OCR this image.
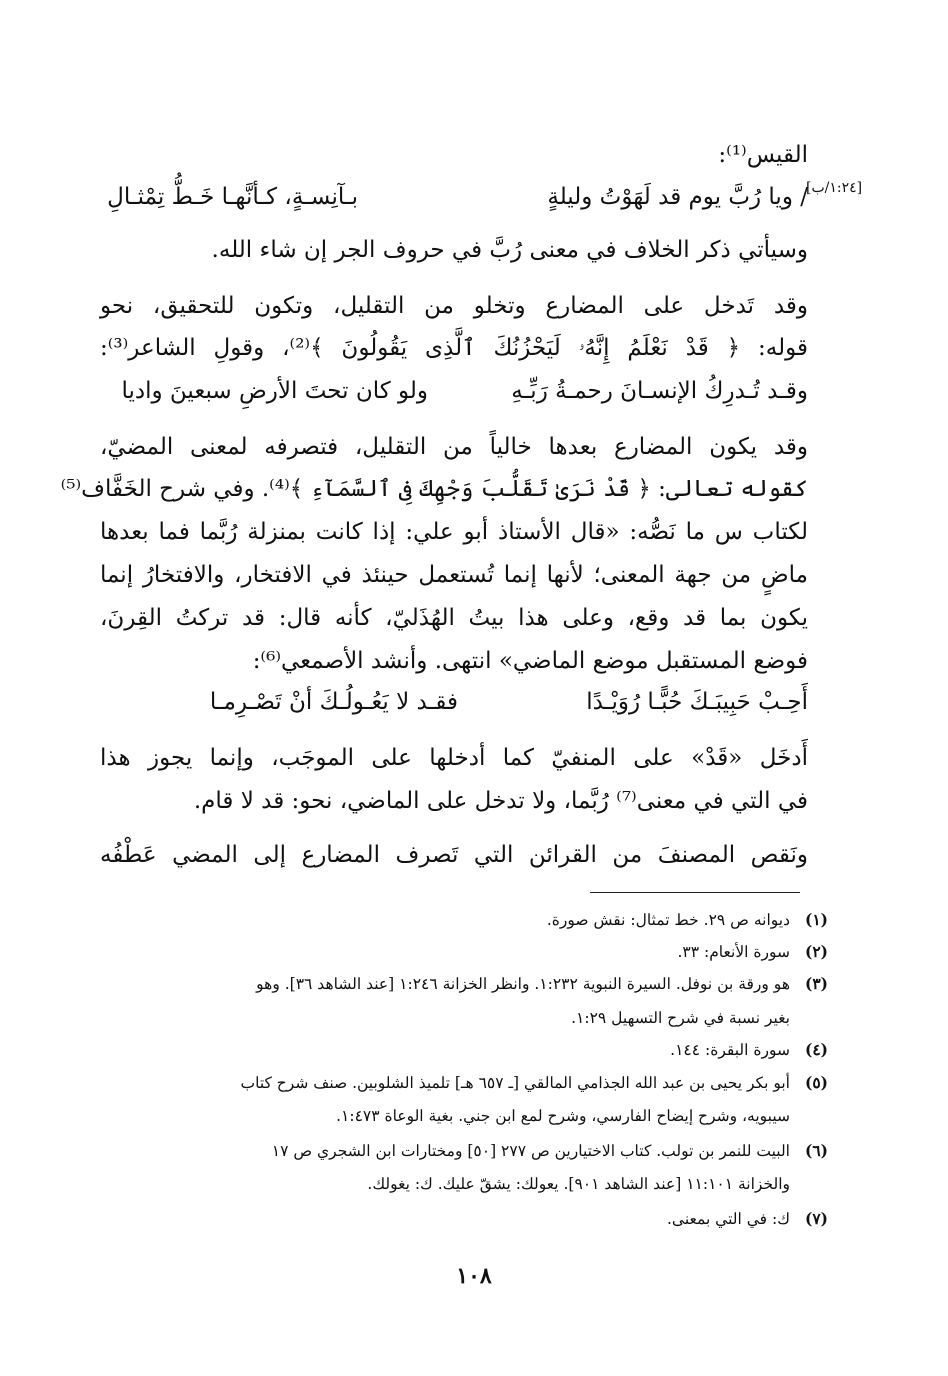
القيس⁽¹⁾:
/ ويا رُبَّ يوم قد لَهَوْتُ وليلةٍ
بـآنِسـةٍ، كـأنَّهـا خَـطُّ تِمْثـالِ
وسيأتي ذكر الخلاف في معنى رُبَّ في حروف الجر إن شاء الله.
وقد تَدخل على المضارع وتخلو من التقليل، وتكون للتحقيق، نحو
قوله: ﴿ قَدْ نَعْلَمُ إِنَّهُۥ لَيَحْزُنُكَ ٱلَّذِى يَقُولُونَ ﴾⁽²⁾، وقولِ الشاعر⁽³⁾:
وقـد تُـدرِكُ الإنسـانَ رحمـةُ رَبِّـهِ
ولو كان تحتَ الأرضِ سبعينَ واديا
وقد يكون المضارع بعدها خالياً من التقليل، فتصرفه لمعنى المضيّ،
كقوله تعالى: ﴿ قَدْ نَرَىٰ تَقَلُّبَ وَجْهِكَ فِى ٱلسَّمَآءِ ﴾⁽⁴⁾. وفي شرح الخَفَّاف⁽⁵⁾
لكتاب س ما نَصُّه: «قال الأستاذ أبو علي: إذا كانت بمنزلة رُبَّما فما بعدها
ماضٍ من جهة المعنى؛ لأنها إنما تُستعمل حينئذ في الافتخار، والافتخارُ إنما
يكون بما قد وقع، وعلى هذا بيتُ الهُذَليّ، كأنه قال: قد تركتُ القِرنَ،
فوضع المستقبل موضع الماضي» انتهى. وأنشد الأصمعي⁽⁶⁾:
أَحِـبْ حَبِيبَـكَ حُبًّـا رُوَيْـدًا
فقـد لا يَعُـولُـكَ أنْ تَصْـرِمـا
أَدخَل «قَدْ» على المنفيّ كما أدخلها على الموجَب، وإنما يجوز هذا
في التي في معنى⁽⁷⁾ رُبَّما، ولا تدخل على الماضي، نحو: قد لا قام.
ونَقص المصنفَ من القرائن التي تَصرف المضارع إلى المضي عَطْفُه
[١:٢٤/ب]
(١)
ديوانه ص ٢٩. خط تمثال: نقش صورة.
(٢)
سورة الأنعام: ٣٣.
(٣)
هو ورقة بن نوفل. السيرة النبوية ١:٢٣٢. وانظر الخزانة ١:٢٤٦ [عند الشاهد ٣٦]. وهو
بغير نسبة في شرح التسهيل ١:٢٩.
(٤)
سورة البقرة: ١٤٤.
(٥)
أبو بكر يحيى بن عبد الله الجذامي المالقي [ـ ٦٥٧ هـ] تلميذ الشلوبين. صنف شرح كتاب
سيبويه، وشرح إيضاح الفارسي، وشرح لمع ابن جني. بغية الوعاة ١:٤٧٣.
(٦)
البيت للنمر بن تولب. كتاب الاختيارين ص ٢٧٧ [٥٠] ومختارات ابن الشجري ص ١٧
والخزانة ١١:١٠١ [عند الشاهد ٩٠١]. يعولك: يشقّ عليك. ك: يغولك.
(٧)
ك: في التي بمعنى.
١٠٨
